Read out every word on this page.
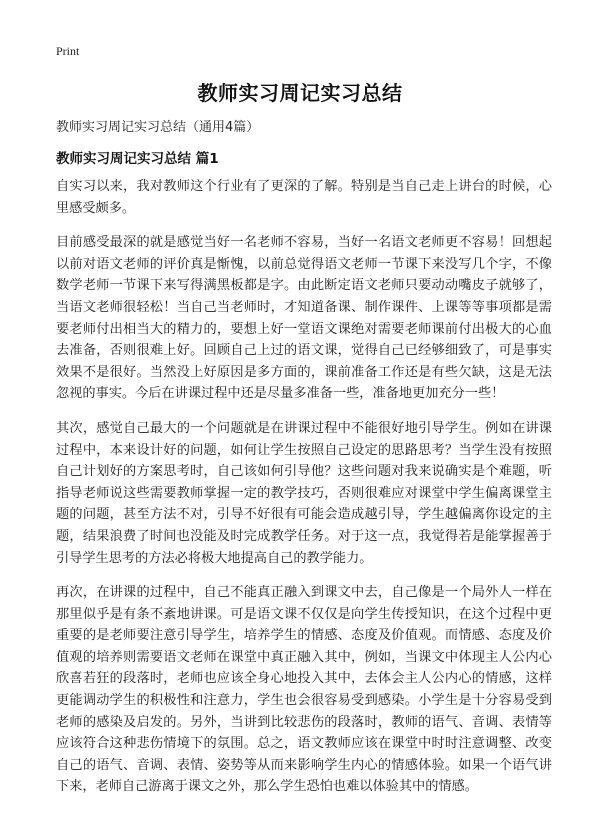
Print
教师实习周记实习总结
教师实习周记实习总结（通用4篇）
教师实习周记实习总结 篇1

自实习以来，我对教师这个行业有了更深的了解。特别是当自己走上讲台的时候，心里感受颇多。

目前感受最深的就是感觉当好一名老师不容易，当好一名语文老师更不容易！回想起以前对语文老师的评价真是惭愧，以前总觉得语文老师一节课下来没写几个字，不像数学老师一节课下来写得满黑板都是字。由此断定语文老师只要动动嘴皮子就够了，当语文老师很轻松！当自己当老师时，才知道备课、制作课件、上课等等事项都是需要老师付出相当大的精力的，要想上好一堂语文课绝对需要老师课前付出极大的心血去准备，否则很难上好。回顾自己上过的语文课，觉得自己已经够细致了，可是事实效果不是很好。当然没上好原因是多方面的，课前准备工作还是有些欠缺，这是无法忽视的事实。今后在讲课过程中还是尽量多准备一些，准备地更加充分一些！

其次，感觉自己最大的一个问题就是在讲课过程中不能很好地引导学生。例如在讲课过程中，本来设计好的问题，如何让学生按照自己设定的思路思考？当学生没有按照自己计划好的方案思考时，自己该如何引导他？这些问题对我来说确实是个难题，听指导老师说这些需要教师掌握一定的教学技巧，否则很难应对课堂中学生偏离课堂主题的问题，甚至方法不对，引导不好很有可能会造成越引导，学生越偏离你设定的主题，结果浪费了时间也没能及时完成教学任务。对于这一点，我觉得若是能掌握善于引导学生思考的方法必将极大地提高自己的教学能力。

再次，在讲课的过程中，自己不能真正融入到课文中去，自己像是一个局外人一样在那里似乎是有条不紊地讲课。可是语文课不仅仅是向学生传授知识，在这个过程中更重要的是老师要注意引导学生，培养学生的情感、态度及价值观。而情感、态度及价值观的培养则需要语文老师在课堂中真正融入其中，例如，当课文中体现主人公内心欣喜若狂的段落时，老师也应该全身心地投入其中，去体会主人公内心的情感，这样更能调动学生的积极性和注意力，学生也会很容易受到感染。小学生是十分容易受到老师的感染及启发的。另外，当讲到比较悲伤的段落时，教师的语气、音调、表情等应该符合这种悲伤情境下的氛围。总之，语文教师应该在课堂中时时注意调整、改变自己的语气、音调、表情、姿势等从而来影响学生内心的情感体验。如果一个语气讲下来，老师自己游离于课文之外，那么学生恐怕也难以体验其中的情感。
